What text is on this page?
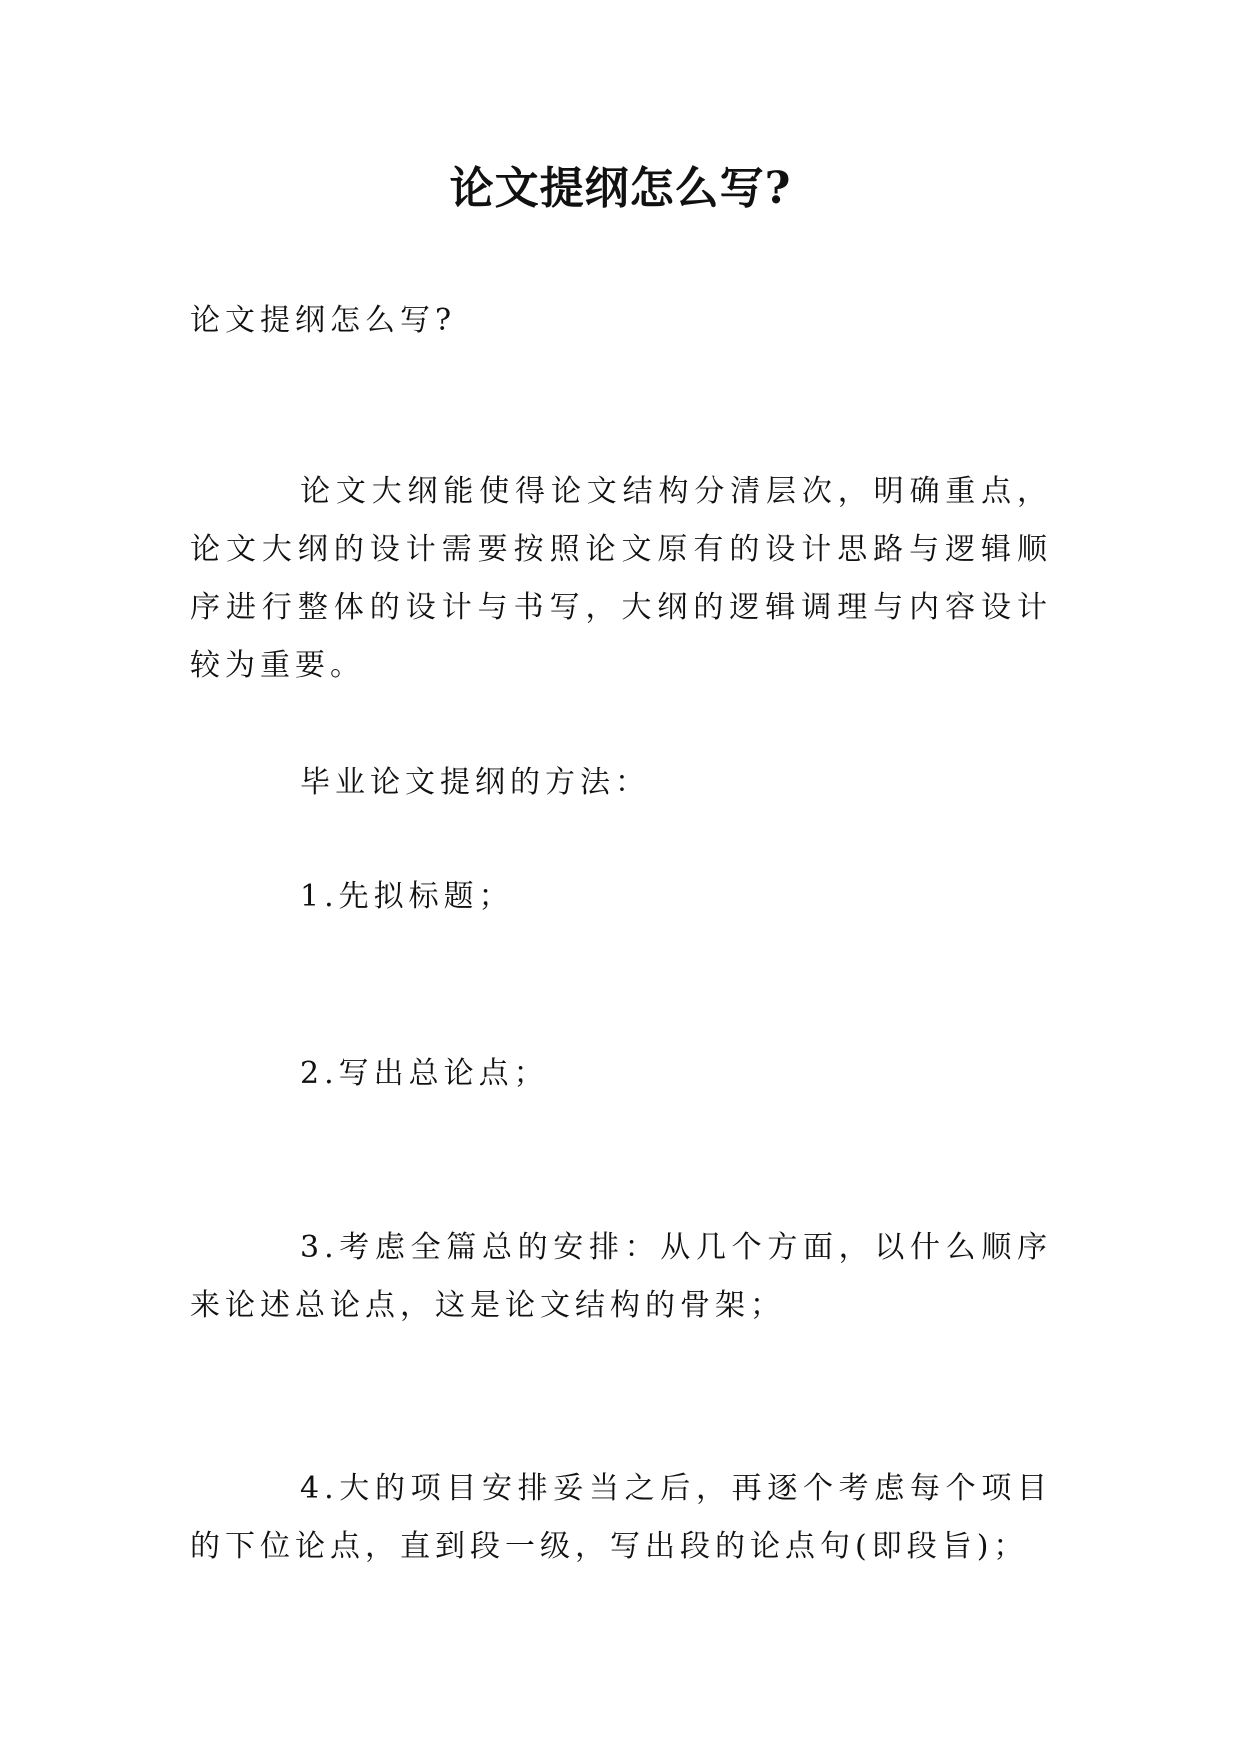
论文提纲怎么写?

论文提纲怎么写?

论文大纲能使得论文结构分清层次，明确重点，论文大纲的设计需要按照论文原有的设计思路与逻辑顺序进行整体的设计与书写，大纲的逻辑调理与内容设计较为重要。

毕业论文提纲的方法：

1.先拟标题；

2.写出总论点；

3.考虑全篇总的安排：从几个方面，以什么顺序来论述总论点，这是论文结构的骨架；

4.大的项目安排妥当之后，再逐个考虑每个项目的下位论点，直到段一级，写出段的论点句(即段旨)；
